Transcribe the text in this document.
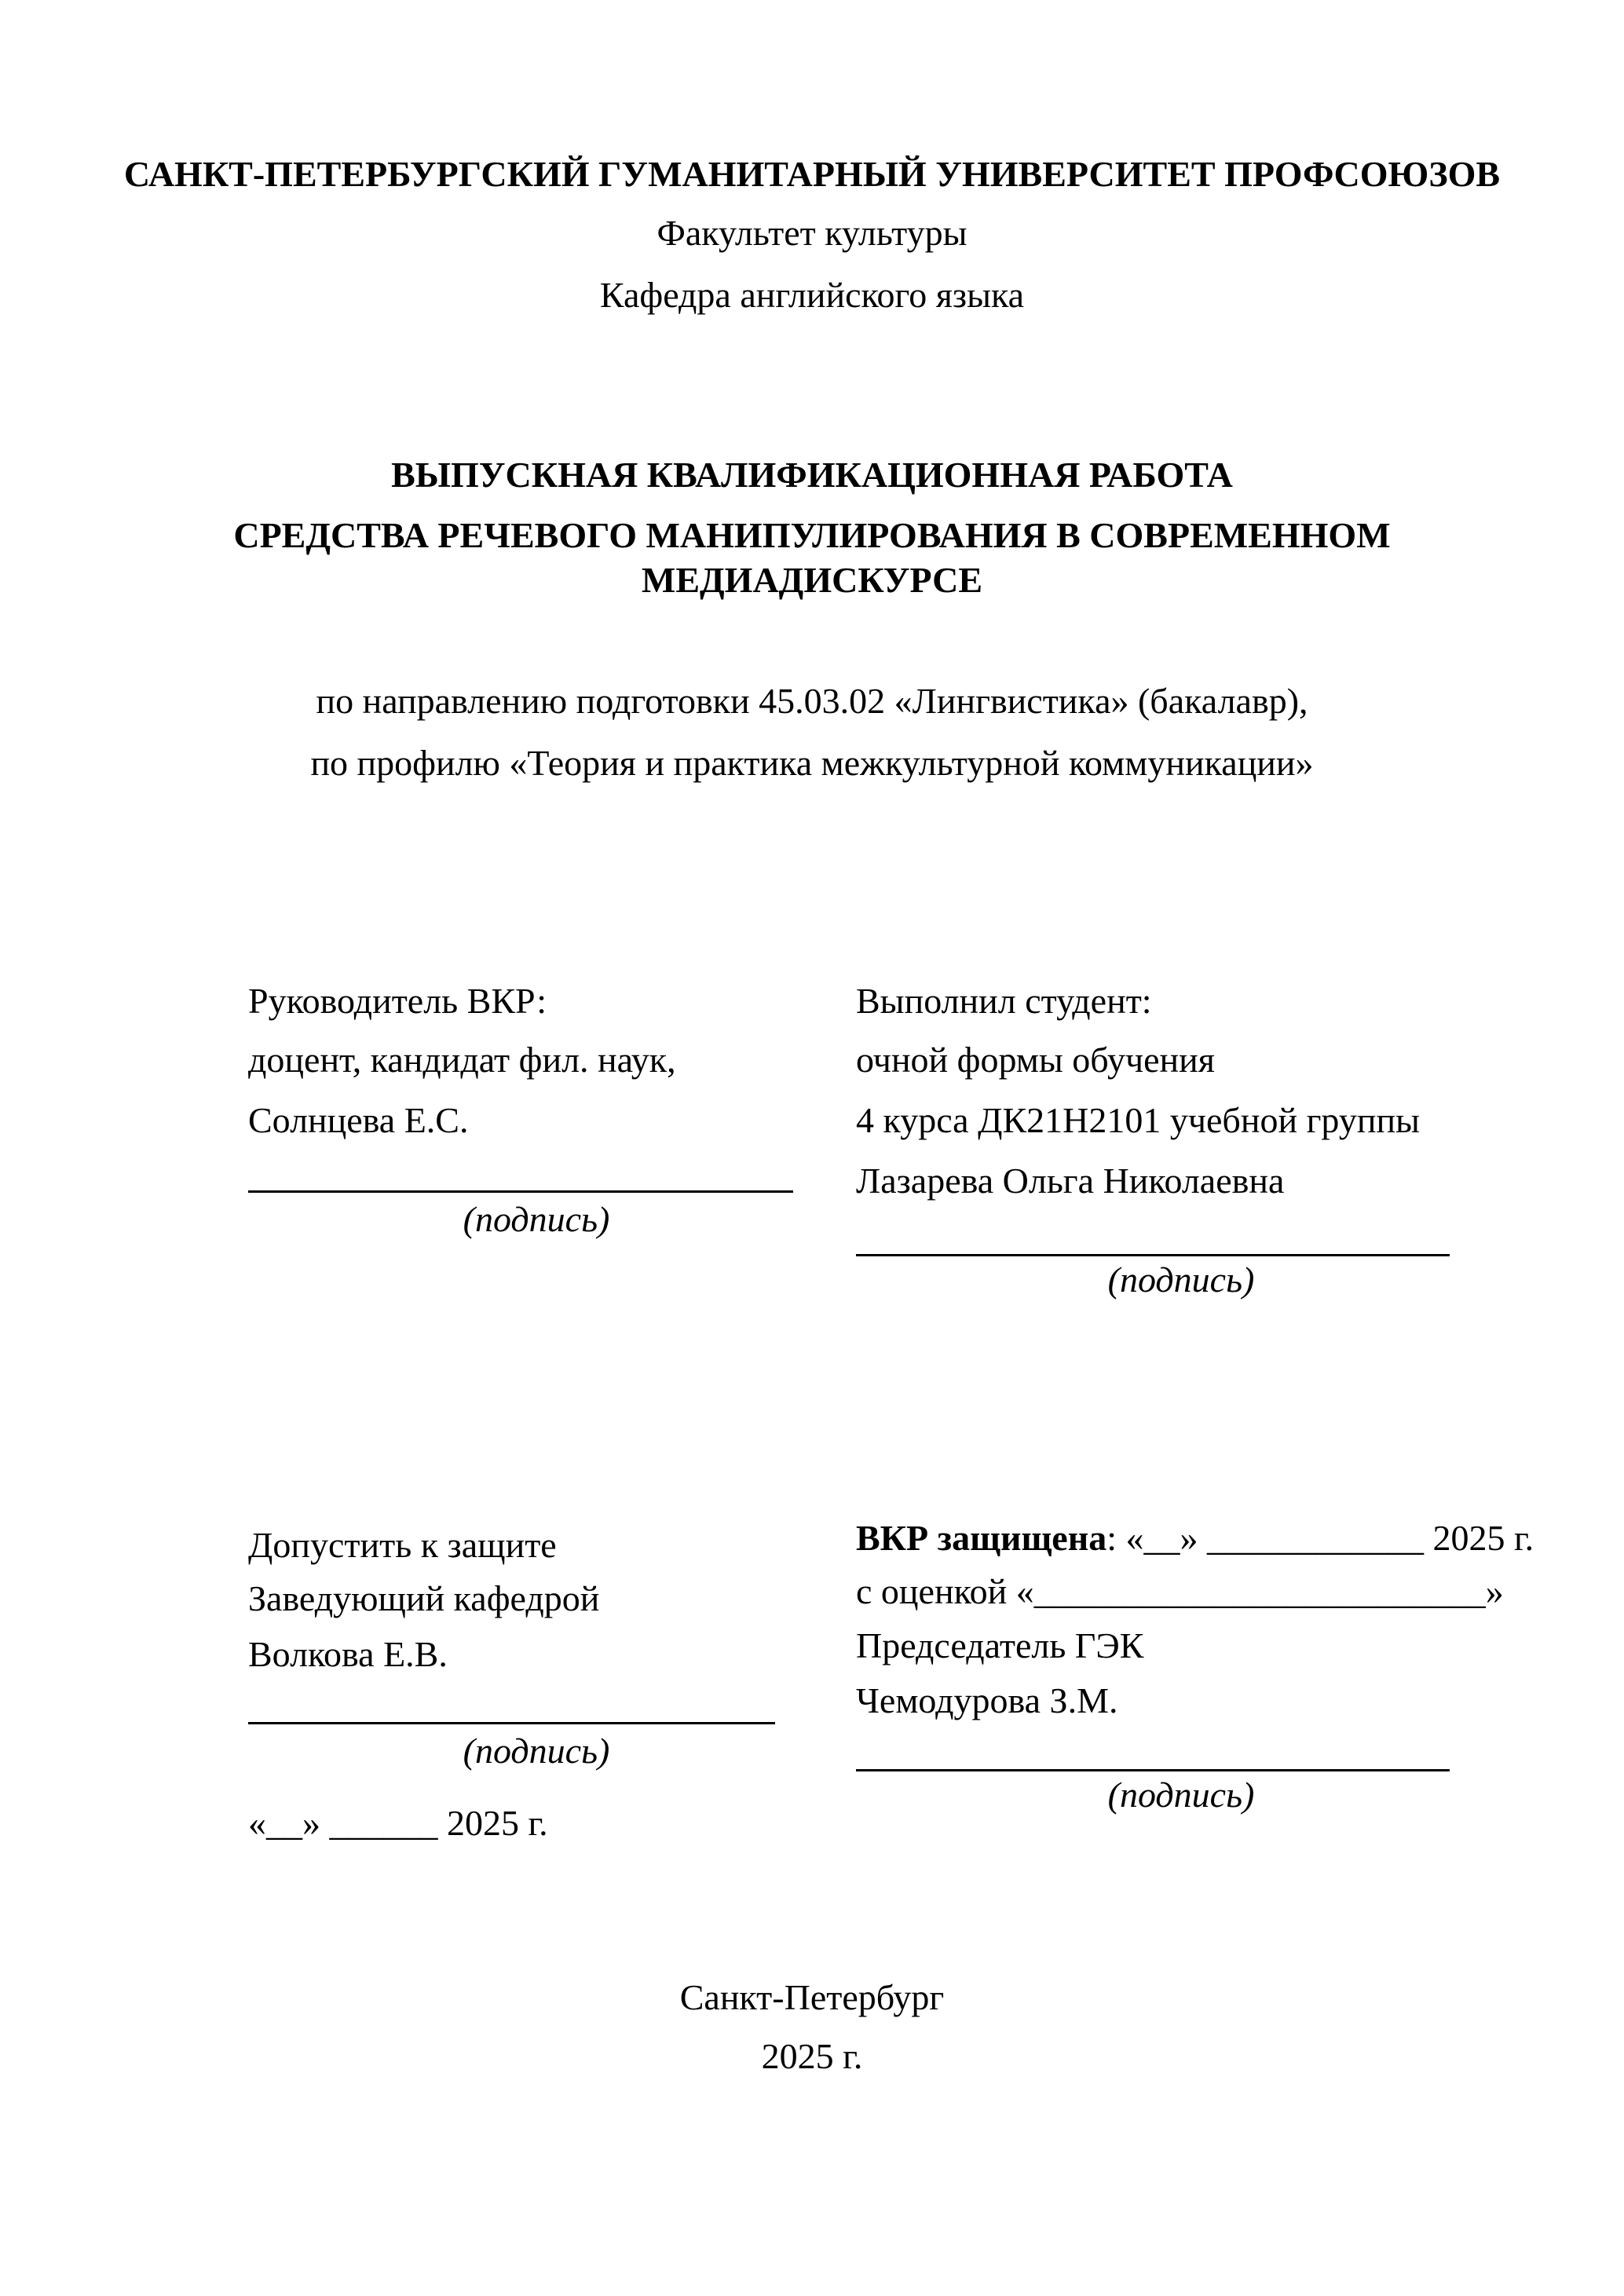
САНКТ-ПЕТЕРБУРГСКИЙ ГУМАНИТАРНЫЙ УНИВЕРСИТЕТ ПРОФСОЮЗОВ
Факультет культуры
Кафедра английского языка
ВЫПУСКНАЯ КВАЛИФИКАЦИОННАЯ РАБОТА
СРЕДСТВА РЕЧЕВОГО МАНИПУЛИРОВАНИЯ В СОВРЕМЕННОМ
МЕДИАДИСКУРСЕ
по направлению подготовки 45.03.02 «Лингвистика» (бакалавр),
по профилю «Теория и практика межкультурной коммуникации»
Руководитель ВКР:
доцент, кандидат фил. наук,
Солнцева Е.С.
(подпись)
Выполнил студент:
очной формы обучения
4 курса ДК21Н2101 учебной группы
Лазарева Ольга Николаевна
(подпись)
Допустить к защите
Заведующий кафедрой
Волкова Е.В.
(подпись)
«__» ______ 2025 г.
ВКР защищена: «__» ____________ 2025 г.
с оценкой «_________________________»
Председатель ГЭК
Чемодурова З.М.
(подпись)
Санкт-Петербург
2025 г.
